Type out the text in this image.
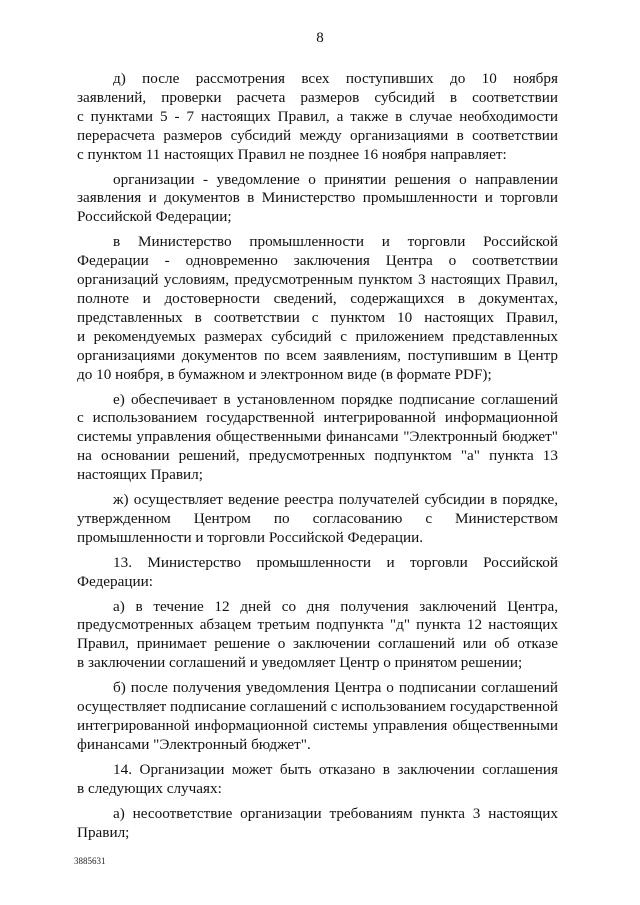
8
д) после рассмотрения всех поступивших до 10 ноября
заявлений, проверки расчета размеров субсидий в соответствии
с пунктами 5 - 7 настоящих Правил, а также в случае необходимости
перерасчета размеров субсидий между организациями в соответствии
с пунктом 11 настоящих Правил не позднее 16 ноября направляет:
организации - уведомление о принятии решения о направлении
заявления и документов в Министерство промышленности и торговли
Российской Федерации;
в Министерство промышленности и торговли Российской
Федерации - одновременно заключения Центра о соответствии
организаций условиям, предусмотренным пунктом 3 настоящих Правил,
полноте и достоверности сведений, содержащихся в документах,
представленных в соответствии с пунктом 10 настоящих Правил,
и рекомендуемых размерах субсидий с приложением представленных
организациями документов по всем заявлениям, поступившим в Центр
до 10 ноября, в бумажном и электронном виде (в формате PDF);
е) обеспечивает в установленном порядке подписание соглашений
с использованием государственной интегрированной информационной
системы управления общественными финансами "Электронный бюджет"
на основании решений, предусмотренных подпунктом "а" пункта 13
настоящих Правил;
ж) осуществляет ведение реестра получателей субсидии в порядке,
утвержденном Центром по согласованию с Министерством
промышленности и торговли Российской Федерации.
13. Министерство промышленности и торговли Российской
Федерации:
а) в течение 12 дней со дня получения заключений Центра,
предусмотренных абзацем третьим подпункта "д" пункта 12 настоящих
Правил, принимает решение о заключении соглашений или об отказе
в заключении соглашений и уведомляет Центр о принятом решении;
б) после получения уведомления Центра о подписании соглашений
осуществляет подписание соглашений с использованием государственной
интегрированной информационной системы управления общественными
финансами "Электронный бюджет".
14. Организации может быть отказано в заключении соглашения
в следующих случаях:
а) несоответствие организации требованиям пункта 3 настоящих
Правил;
3885631
